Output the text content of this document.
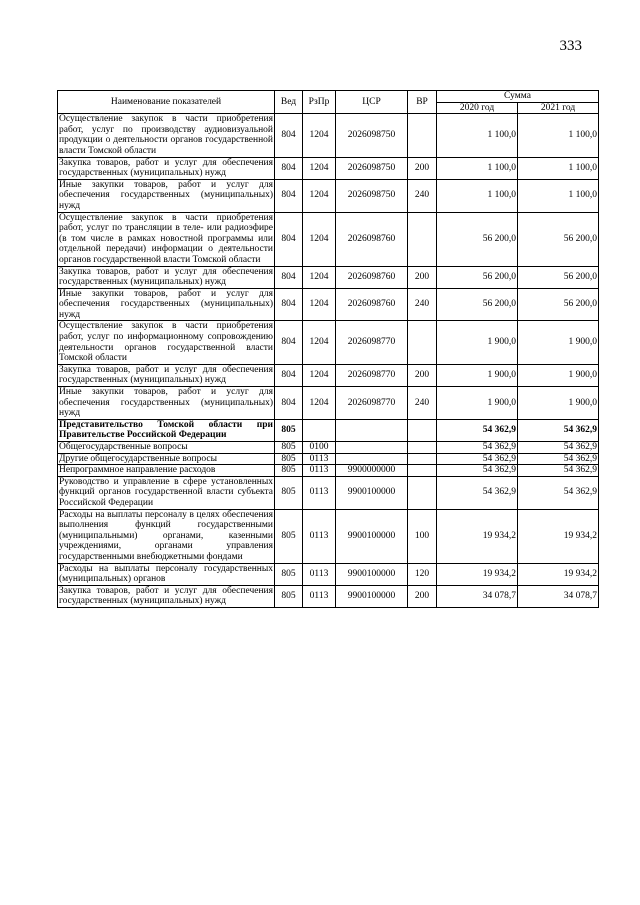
333
Наименование показателей	Вед	РзПр	ЦСР	ВР	Сумма	
					2020 год	2021 год
Осуществление закупок в части приобретения работ, услуг по производству аудиовизуальной продукции о деятельности органов государственной власти Томской области	804	1204	2026098750		1 100,0	1 100,0
Закупка товаров, работ и услуг для обеспечения государственных (муниципальных) нужд	804	1204	2026098750	200	1 100,0	1 100,0
Иные закупки товаров, работ и услуг для обеспечения государственных (муниципальных) нужд	804	1204	2026098750	240	1 100,0	1 100,0
Осуществление закупок в части приобретения работ, услуг по трансляции в теле- или радиоэфире (в том числе в рамках новостной программы или отдельной передачи) информации о деятельности органов государственной власти Томской области	804	1204	2026098760		56 200,0	56 200,0
Закупка товаров, работ и услуг для обеспечения государственных (муниципальных) нужд	804	1204	2026098760	200	56 200,0	56 200,0
Иные закупки товаров, работ и услуг для обеспечения государственных (муниципальных) нужд	804	1204	2026098760	240	56 200,0	56 200,0
Осуществление закупок в части приобретения работ, услуг по информационному сопровождению деятельности органов государственной власти Томской области	804	1204	2026098770		1 900,0	1 900,0
Закупка товаров, работ и услуг для обеспечения государственных (муниципальных) нужд	804	1204	2026098770	200	1 900,0	1 900,0
Иные закупки товаров, работ и услуг для обеспечения государственных (муниципальных) нужд	804	1204	2026098770	240	1 900,0	1 900,0
Представительство Томской области при Правительстве Российской Федерации	805				54 362,9	54 362,9
Общегосударственные вопросы	805	0100			54 362,9	54 362,9
Другие общегосударственные вопросы	805	0113			54 362,9	54 362,9
Непрограммное направление расходов	805	0113	9900000000		54 362,9	54 362,9
Руководство и управление в сфере установленных функций органов государственной власти субъекта Российской Федерации	805	0113	9900100000		54 362,9	54 362,9
Расходы на выплаты персоналу в целях обеспечения выполнения функций государственными (муниципальными) органами, казенными учреждениями, органами управления государственными внебюджетными фондами	805	0113	9900100000	100	19 934,2	19 934,2
Расходы на выплаты персоналу государственных (муниципальных) органов	805	0113	9900100000	120	19 934,2	19 934,2
Закупка товаров, работ и услуг для обеспечения государственных (муниципальных) нужд	805	0113	9900100000	200	34 078,7	34 078,7
